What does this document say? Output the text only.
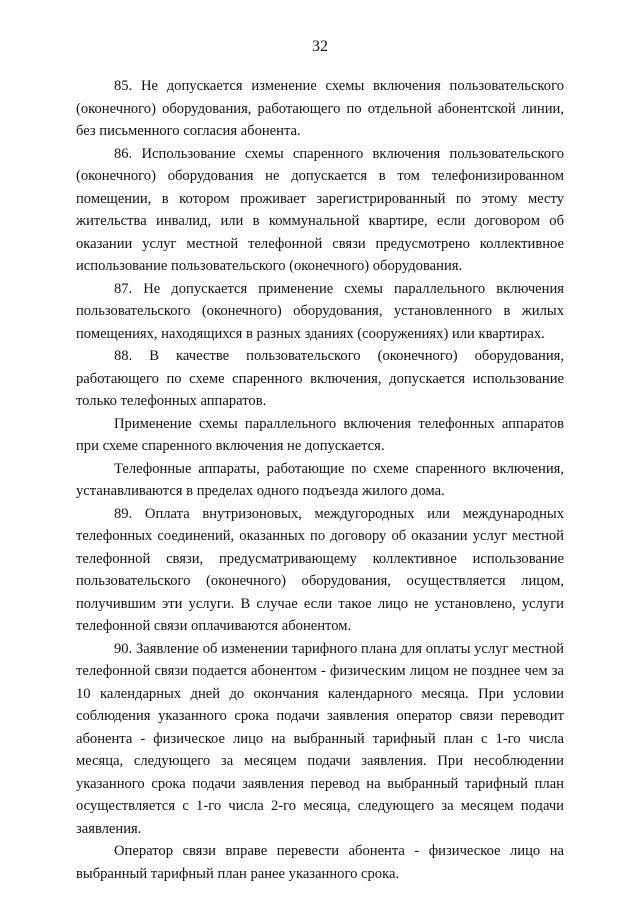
32

85. Не допускается изменение схемы включения пользовательского (оконечного) оборудования, работающего по отдельной абонентской линии, без письменного согласия абонента.

86. Использование схемы спаренного включения пользовательского (оконечного) оборудования не допускается в том телефонизированном помещении, в котором проживает зарегистрированный по этому месту жительства инвалид, или в коммунальной квартире, если договором об оказании услуг местной телефонной связи предусмотрено коллективное использование пользовательского (оконечного) оборудования.

87. Не допускается применение схемы параллельного включения пользовательского (оконечного) оборудования, установленного в жилых помещениях, находящихся в разных зданиях (сооружениях) или квартирах.

88. В качестве пользовательского (оконечного) оборудования, работающего по схеме спаренного включения, допускается использование только телефонных аппаратов.

Применение схемы параллельного включения телефонных аппаратов при схеме спаренного включения не допускается.

Телефонные аппараты, работающие по схеме спаренного включения, устанавливаются в пределах одного подъезда жилого дома.

89. Оплата внутризоновых, междугородных или международных телефонных соединений, оказанных по договору об оказании услуг местной телефонной связи, предусматривающему коллективное использование пользовательского (оконечного) оборудования, осуществляется лицом, получившим эти услуги. В случае если такое лицо не установлено, услуги телефонной связи оплачиваются абонентом.

90. Заявление об изменении тарифного плана для оплаты услуг местной телефонной связи подается абонентом - физическим лицом не позднее чем за 10 календарных дней до окончания календарного месяца. При условии соблюдения указанного срока подачи заявления оператор связи переводит абонента - физическое лицо на выбранный тарифный план с 1-го числа месяца, следующего за месяцем подачи заявления. При несоблюдении указанного срока подачи заявления перевод на выбранный тарифный план осуществляется с 1-го числа 2-го месяца, следующего за месяцем подачи заявления.

Оператор связи вправе перевести абонента - физическое лицо на выбранный тарифный план ранее указанного срока.
